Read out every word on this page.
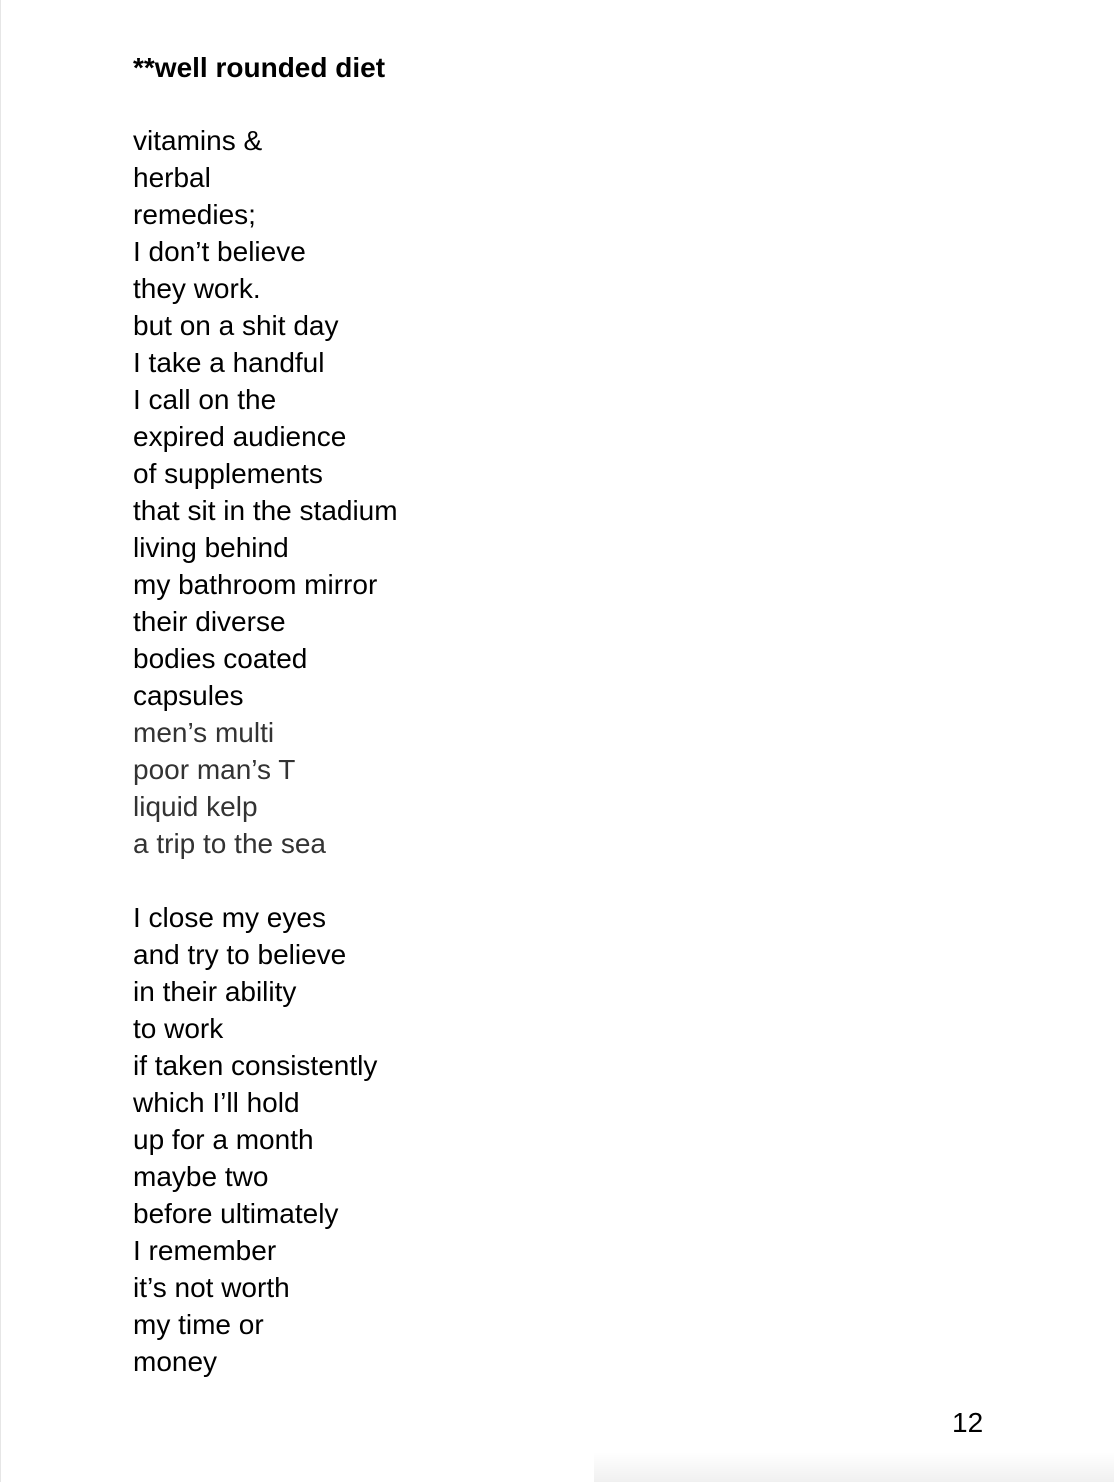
**well rounded diet
vitamins &
herbal
remedies;
I don’t believe
they work.
but on a shit day
I take a handful
I call on the
expired audience
of supplements
that sit in the stadium
living behind
my bathroom mirror
their diverse
bodies coated
capsules
men’s multi
poor man’s T
liquid kelp
a trip to the sea
I close my eyes
and try to believe
in their ability
to work
if taken consistently
which I’ll hold
up for a month
maybe two
before ultimately
I remember
it’s not worth
my time or
money
12
